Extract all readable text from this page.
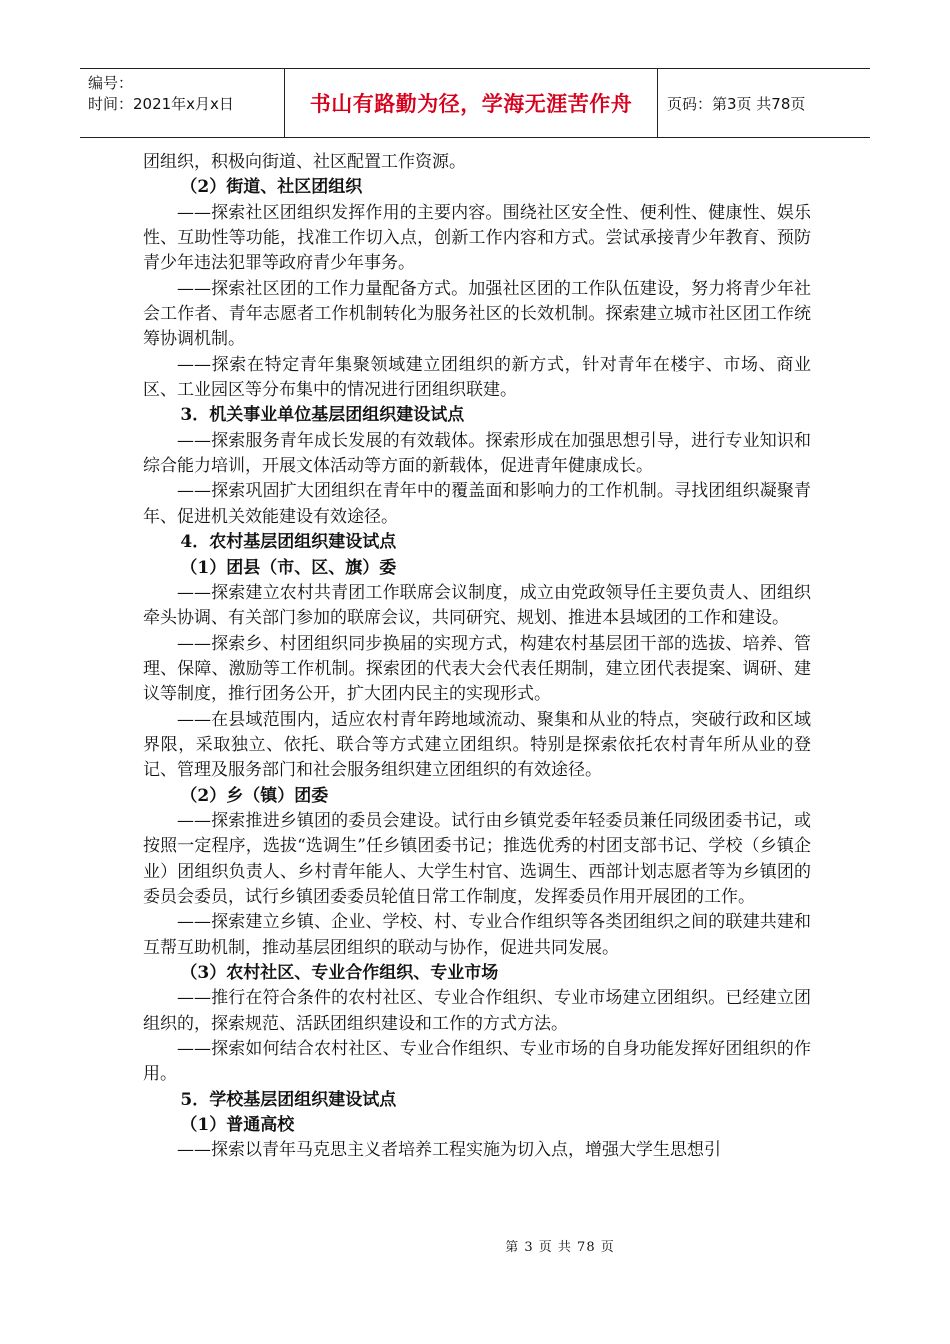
编号：
时间：2021年x月x日	书山有路勤为径，学海无涯苦作舟 页码：第3页 共78页

团组织，积极向街道、社区配置工作资源。

（2）街道、社区团组织

——探索社区团组织发挥作用的主要内容。围绕社区安全性、便利性、健康性、娱乐性、互助性等功能，找准工作切入点，创新工作内容和方式。尝试承接青少年教育、预防青少年违法犯罪等政府青少年事务。

——探索社区团的工作力量配备方式。加强社区团的工作队伍建设，努力将青少年社会工作者、青年志愿者工作机制转化为服务社区的长效机制。探索建立城市社区团工作统筹协调机制。

——探索在特定青年集聚领域建立团组织的新方式，针对青年在楼宇、市场、商业区、工业园区等分布集中的情况进行团组织联建。

3．机关事业单位基层团组织建设试点

——探索服务青年成长发展的有效载体。探索形成在加强思想引导，进行专业知识和综合能力培训，开展文体活动等方面的新载体，促进青年健康成长。

——探索巩固扩大团组织在青年中的覆盖面和影响力的工作机制。寻找团组织凝聚青年、促进机关效能建设有效途径。

4．农村基层团组织建设试点

（1）团县（市、区、旗）委

——探索建立农村共青团工作联席会议制度，成立由党政领导任主要负责人、团组织牵头协调、有关部门参加的联席会议，共同研究、规划、推进本县域团的工作和建设。

——探索乡、村团组织同步换届的实现方式，构建农村基层团干部的选拔、培养、管理、保障、激励等工作机制。探索团的代表大会代表任期制，建立团代表提案、调研、建议等制度，推行团务公开，扩大团内民主的实现形式。

——在县域范围内，适应农村青年跨地域流动、聚集和从业的特点，突破行政和区域界限，采取独立、依托、联合等方式建立团组织。特别是探索依托农村青年所从业的登记、管理及服务部门和社会服务组织建立团组织的有效途径。

（2）乡（镇）团委

——探索推进乡镇团的委员会建设。试行由乡镇党委年轻委员兼任同级团委书记，或按照一定程序，选拔“选调生”任乡镇团委书记；推选优秀的村团支部书记、学校（乡镇企业）团组织负责人、乡村青年能人、大学生村官、选调生、西部计划志愿者等为乡镇团的委员会委员，试行乡镇团委委员轮值日常工作制度，发挥委员作用开展团的工作。

——探索建立乡镇、企业、学校、村、专业合作组织等各类团组织之间的联建共建和互帮互助机制，推动基层团组织的联动与协作，促进共同发展。

（3）农村社区、专业合作组织、专业市场

——推行在符合条件的农村社区、专业合作组织、专业市场建立团组织。已经建立团组织的，探索规范、活跃团组织建设和工作的方式方法。

——探索如何结合农村社区、专业合作组织、专业市场的自身功能发挥好团组织的作用。

5．学校基层团组织建设试点

（1）普通高校

——探索以青年马克思主义者培养工程实施为切入点，增强大学生思想引

第 3 页 共 78 页
